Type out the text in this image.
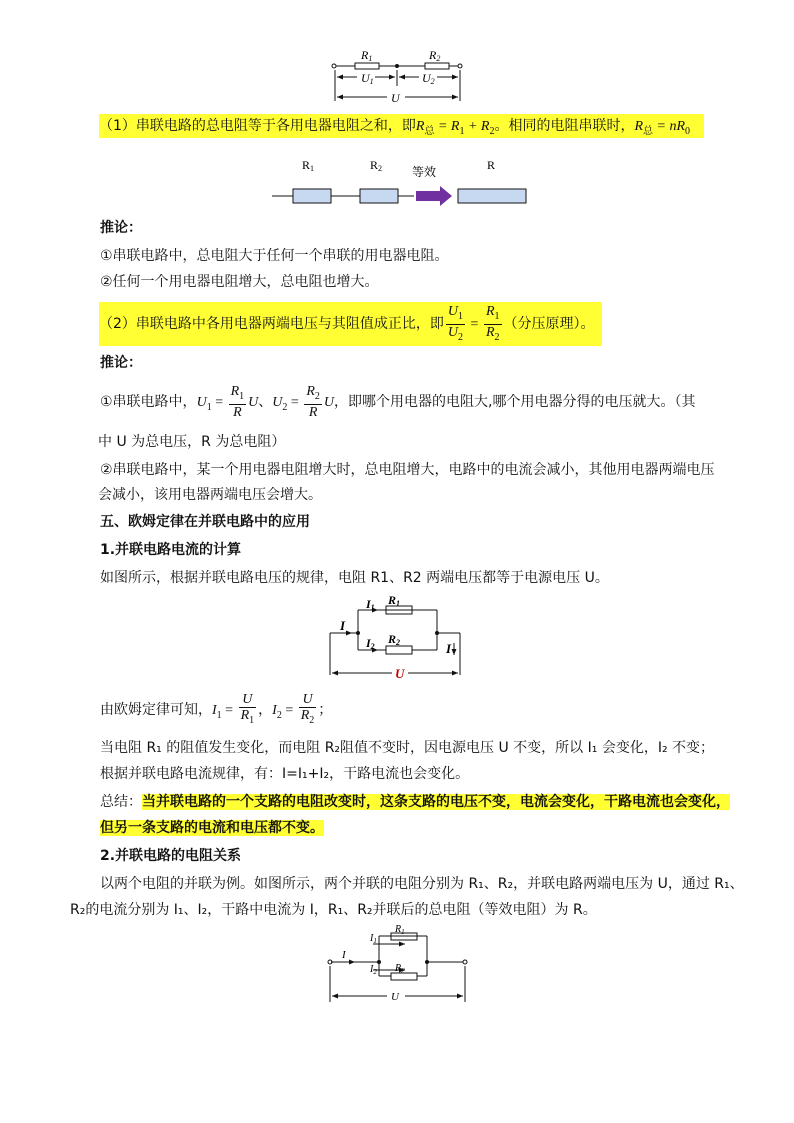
R1	R2
U1	U2
U
（1）串联电路的总电阻等于各用电器电阻之和，即$R_总 = R_1 + R_2$。相同的电阻串联时，$R_总 = nR_0$
R1	R2 等效	R
推论：
①串联电路中，总电阻大于任何一个串联的用电器电阻。
②任何一个用电器电阻增大，总电阻也增大。
（2）串联电路中各用电器两端电压与其阻值成正比，即 $\frac{U_1}{U_2} = \frac{R_1}{R_2}$ （分压原理）。
推论：
①串联电路中，$U_1 = \frac{R_1}{R}$ U、$U_2 = \frac{R_2}{R}$ U，即哪个用电器的电阻大,哪个用电器分得的电压就大。（其
中 U 为总电压，R 为总电阻）
②串联电路中，某一个用电器电阻增大时，总电阻增大，电路中的电流会减小，其他用电器两端电压
会减小，该用电器两端电压会增大。
五、欧姆定律在并联电路中的应用
1.并联电路电流的计算
如图所示，根据并联电路电压的规律，电阻 R1、R2 两端电压都等于电源电压 U。
I
I1
R1
I2
R2	I
U
由欧姆定律可知，$I_1 = \frac{U}{R_1}$ ，$I_2 = \frac{U}{R_2}$ ；
当电阻 R₁ 的阻值发生变化，而电阻 R₂阻值不变时，因电源电压 U 不变，所以 I₁ 会变化，I₂ 不变；
根据并联电路电流规律，有：I=I₁+I₂，干路电流也会变化。
总结：当并联电路的一个支路的电阻改变时，这条支路的电压不变，电流会变化，干路电流也会变化，
但另一条支路的电流和电压都不变。
2.并联电路的电阻关系
以两个电阻的并联为例。如图所示，两个并联的电阻分别为 R₁、R₂，并联电路两端电压为 U，通过 R₁、
R₂的电流分别为 I₁、I₂，干路中电流为 I，R₁、R₂并联后的总电阻（等效电阻）为 R。
I
$I_1$
$R_1$
$I_2$ $R_2$
U
